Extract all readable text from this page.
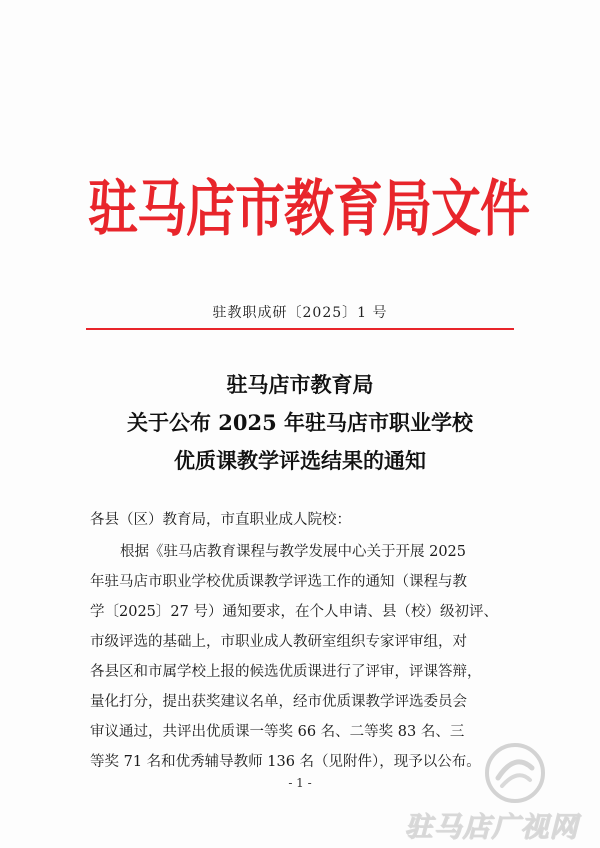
驻马店市教育局文件
驻教职成研〔2025〕1 号
驻马店市教育局
关于公布 2025 年驻马店市职业学校
优质课教学评选结果的通知
各县（区）教育局，市直职业成人院校：
根据《驻马店教育课程与教学发展中心关于开展 2025
年驻马店市职业学校优质课教学评选工作的通知（课程与教
学〔2025〕27 号）通知要求，在个人申请、县（校）级初评、
市级评选的基础上，市职业成人教研室组织专家评审组，对
各县区和市属学校上报的候选优质课进行了评审，评课答辩，
量化打分，提出获奖建议名单，经市优质课教学评选委员会
审议通过，共评出优质课一等奖 66 名、二等奖 83 名、三
等奖 71 名和优秀辅导教师 136 名（见附件），现予以公布。
- 1 -
驻马店广视网
